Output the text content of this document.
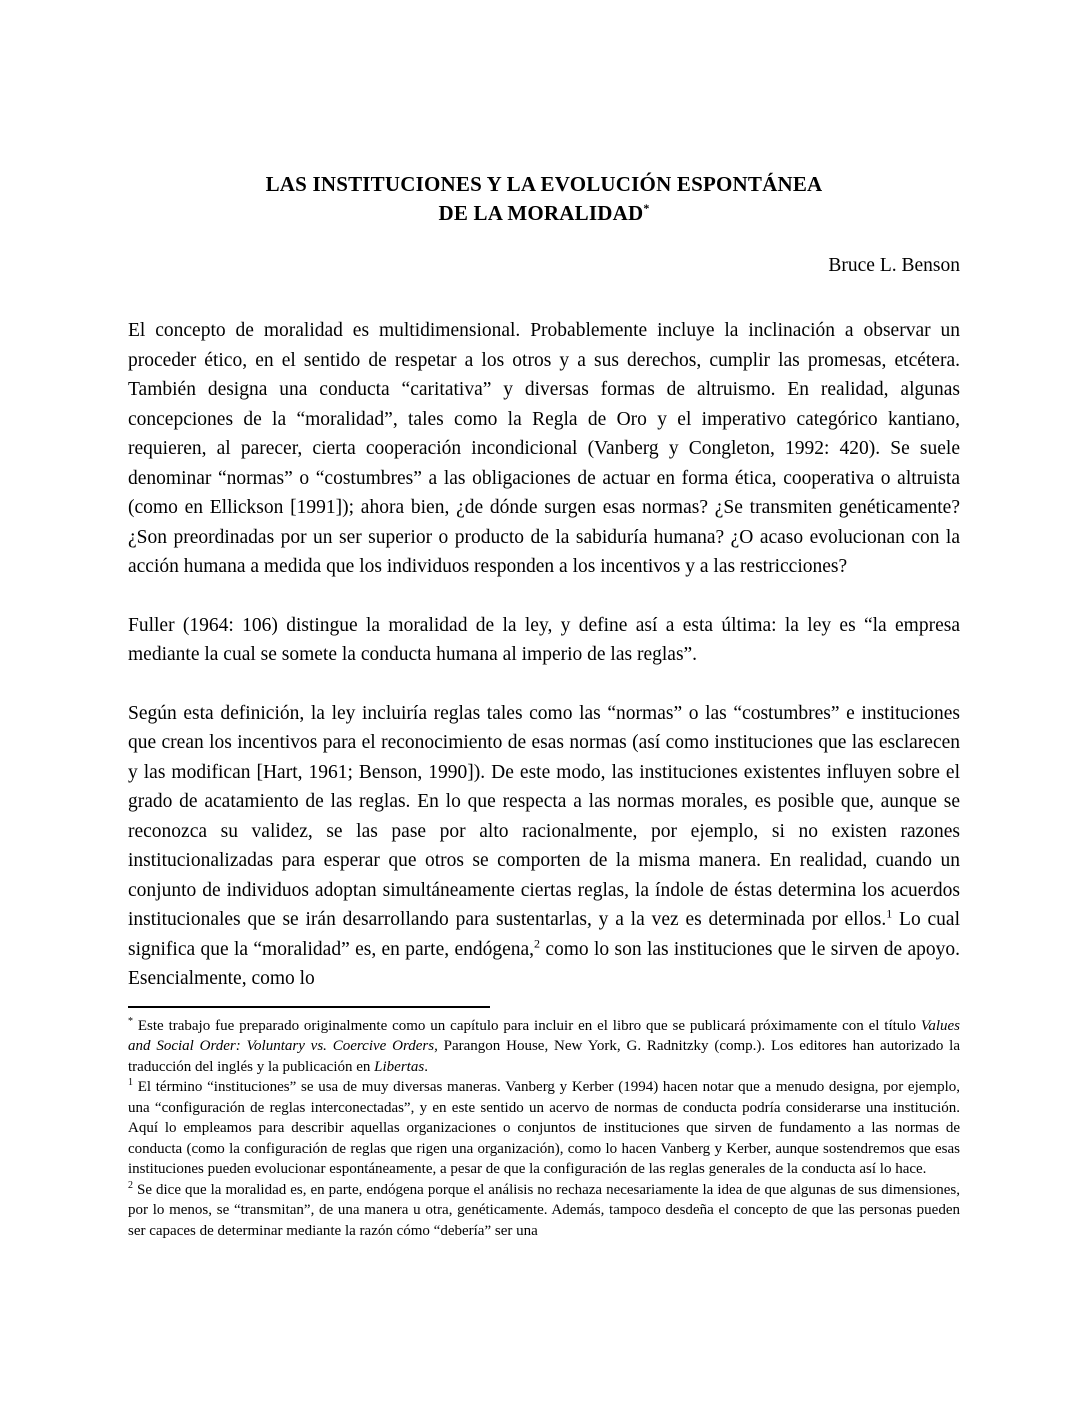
LAS INSTITUCIONES Y LA EVOLUCIÓN ESPONTÁNEA
DE LA MORALIDAD*
Bruce L. Benson

El concepto de moralidad es multidimensional. Probablemente incluye la inclinación a observar un proceder ético, en el sentido de respetar a los otros y a sus derechos, cumplir las promesas, etcétera. También designa una conducta “caritativa” y diversas formas de altruismo. En realidad, algunas concepciones de la “moralidad”, tales como la Regla de Oro y el imperativo categórico kantiano, requieren, al parecer, cierta cooperación incondicional (Vanberg y Congleton, 1992: 420). Se suele denominar “normas” o “costumbres” a las obligaciones de actuar en forma ética, cooperativa o altruista (como en Ellickson [1991]); ahora bien, ¿de dónde surgen esas normas? ¿Se transmiten genéticamente? ¿Son preordinadas por un ser superior o producto de la sabiduría humana? ¿O acaso evolucionan con la acción humana a medida que los individuos responden a los incentivos y a las restricciones?

Fuller (1964: 106) distingue la moralidad de la ley, y define así a esta última: la ley es “la empresa mediante la cual se somete la conducta humana al imperio de las reglas”.

Según esta definición, la ley incluiría reglas tales como las “normas” o las “costumbres” e instituciones que crean los incentivos para el reconocimiento de esas normas (así como instituciones que las esclarecen y las modifican [Hart, 1961; Benson, 1990]). De este modo, las instituciones existentes influyen sobre el grado de acatamiento de las reglas. En lo que respecta a las normas morales, es posible que, aunque se reconozca su validez, se las pase por alto racionalmente, por ejemplo, si no existen razones institucionalizadas para esperar que otros se comporten de la misma manera. En realidad, cuando un conjunto de individuos adoptan simultáneamente ciertas reglas, la índole de éstas determina los acuerdos institucionales que se irán desarrollando para sustentarlas, y a la vez es determinada por ellos.$^1$ Lo cual significa que la “moralidad” es, en parte, endógena,$^2$ como lo son las instituciones que le sirven de apoyo. Esencialmente, como lo

* Este trabajo fue preparado originalmente como un capítulo para incluir en el libro que se publicará próximamente con el título Values and Social Order: Voluntary vs. Coercive Orders, Parangon House, New York, G. Radnitzky (comp.). Los editores han autorizado la traducción del inglés y la publicación en Libertas.

$^1$ El término “instituciones” se usa de muy diversas maneras. Vanberg y Kerber (1994) hacen notar que a menudo designa, por ejemplo, una “configuración de reglas interconectadas”, y en este sentido un acervo de normas de conducta podría considerarse una institución. Aquí lo empleamos para describir aquellas organizaciones o conjuntos de instituciones que sirven de fundamento a las normas de conducta (como la configuración de reglas que rigen una organización), como lo hacen Vanberg y Kerber, aunque sostendremos que esas instituciones pueden evolucionar espontáneamente, a pesar de que la configuración de las reglas generales de la conducta así lo hace.

$^2$ Se dice que la moralidad es, en parte, endógena porque el análisis no rechaza necesariamente la idea de que algunas de sus dimensiones, por lo menos, se “transmitan”, de una manera u otra, genéticamente. Además, tampoco desdeña el concepto de que las personas pueden ser capaces de determinar mediante la razón cómo “debería” ser una
